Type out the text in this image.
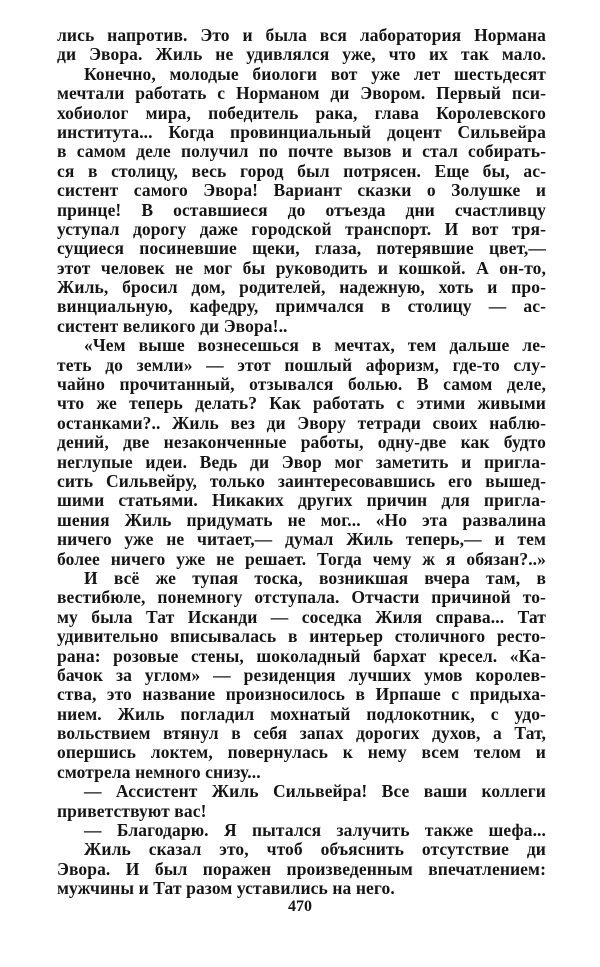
лись напротив. Это и была вся лаборатория Нормана
ди Эвора. Жиль не удивлялся уже, что их так мало.
Конечно, молодые биологи вот уже лет шестьдесят
мечтали работать с Норманом ди Эвором. Первый пси-
хобиолог мира, победитель рака, глава Королевского
института... Когда провинциальный доцент Сильвейра
в самом деле получил по почте вызов и стал собирать-
ся в столицу, весь город был потрясен. Еще бы, ас-
систент самого Эвора! Вариант сказки о Золушке и
принце! В оставшиеся до отъезда дни счастливцу
уступал дорогу даже городской транспорт. И вот тря-
сущиеся посиневшие щеки, глаза, потерявшие цвет,—
этот человек не мог бы руководить и кошкой. А он-то,
Жиль, бросил дом, родителей, надежную, хоть и про-
винциальную, кафедру, примчался в столицу — ас-
систент великого ди Эвора!..
«Чем выше вознесешься в мечтах, тем дальше ле-
теть до земли» — этот пошлый афоризм, где-то слу-
чайно прочитанный, отзывался болью. В самом деле,
что же теперь делать? Как работать с этими живыми
останками?.. Жиль вез ди Эвору тетради своих наблю-
дений, две незаконченные работы, одну-две как будто
неглупые идеи. Ведь ди Эвор мог заметить и пригла-
сить Сильвейру, только заинтересовавшись его вышед-
шими статьями. Никаких других причин для пригла-
шения Жиль придумать не мог... «Но эта развалина
ничего уже не читает,— думал Жиль теперь,— и тем
более ничего уже не решает. Тогда чему ж я обязан?..»
И всё же тупая тоска, возникшая вчера там, в
вестибюле, понемногу отступала. Отчасти причиной то-
му была Тат Исканди — соседка Жиля справа... Тат
удивительно вписывалась в интерьер столичного ресто-
рана: розовые стены, шоколадный бархат кресел. «Ка-
бачок за углом» — резиденция лучших умов королев-
ства, это название произносилось в Ирпаше с придыха-
нием. Жиль погладил мохнатый подлокотник, с удо-
вольствием втянул в себя запах дорогих духов, а Тат,
опершись локтем, повернулась к нему всем телом и
смотрела немного снизу...
— Ассистент Жиль Сильвейра! Все ваши коллеги
приветствуют вас!
— Благодарю. Я пытался залучить также шефа...
Жиль сказал это, чтоб объяснить отсутствие ди
Эвора. И был поражен произведенным впечатлением:
мужчины и Тат разом уставились на него.
470
